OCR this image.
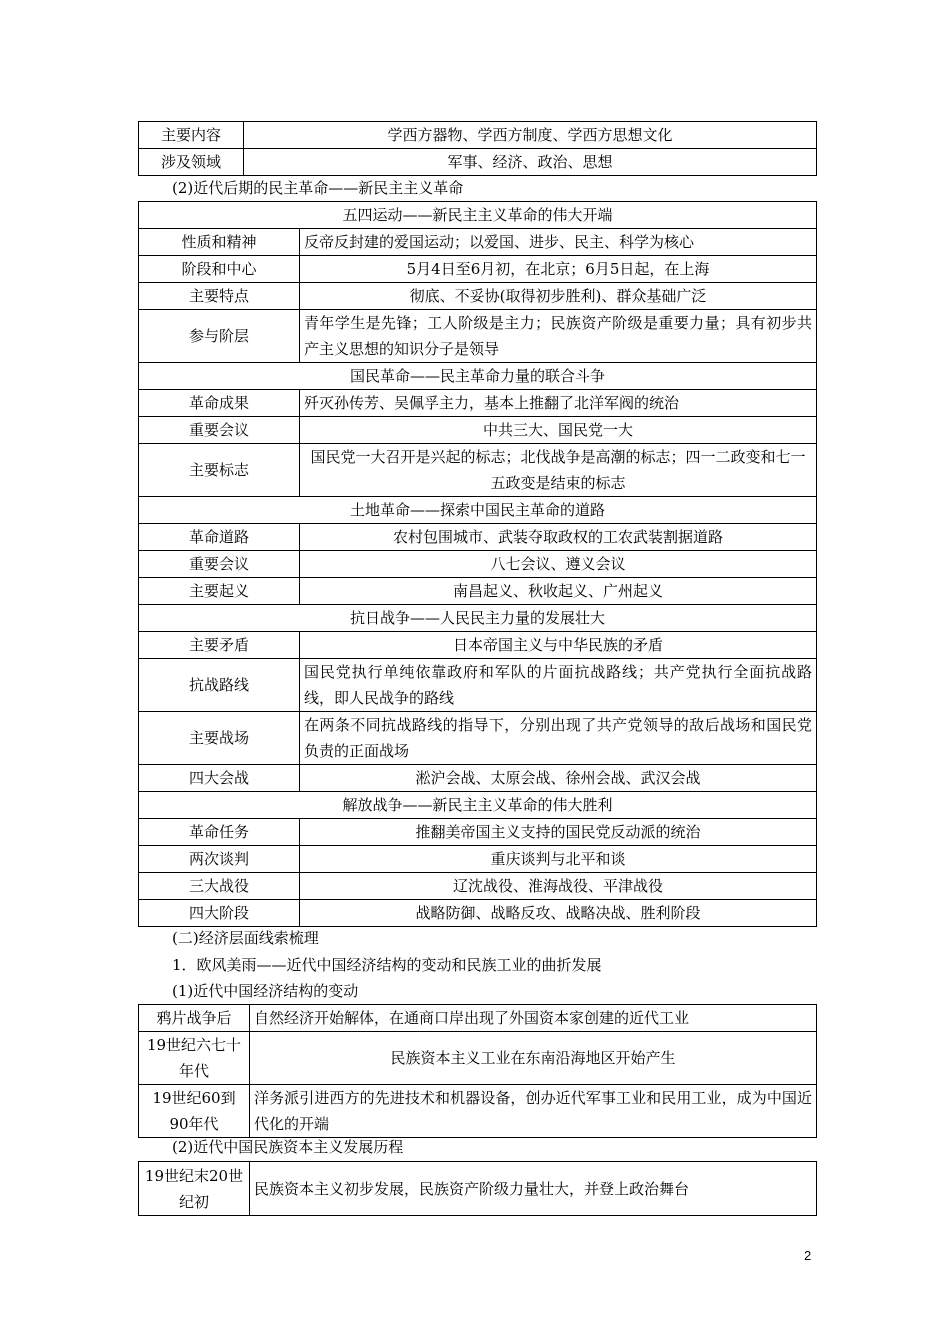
主要内容	学西方器物、学西方制度、学西方思想文化
涉及领域	军事、经济、政治、思想
(2)近代后期的民主革命——新民主主义革命
五四运动——新民主主义革命的伟大开端	
性质和精神	反帝反封建的爱国运动；以爱国、进步、民主、科学为核心
阶段和中心	5月4日至6月初，在北京；6月5日起，在上海
主要特点	彻底、不妥协(取得初步胜利)、群众基础广泛
参与阶层	青年学生是先锋；工人阶级是主力；民族资产阶级是重要力量；具有初步共产主义思想的知识分子是领导
国民革命——民主革命力量的联合斗争	
革命成果	歼灭孙传芳、吴佩孚主力，基本上推翻了北洋军阀的统治
重要会议	中共三大、国民党一大
主要标志	国民党一大召开是兴起的标志；北伐战争是高潮的标志；四一二政变和七一五政变是结束的标志
土地革命——探索中国民主革命的道路	
革命道路	农村包围城市、武装夺取政权的工农武装割据道路
重要会议	八七会议、遵义会议
主要起义	南昌起义、秋收起义、广州起义
抗日战争——人民民主力量的发展壮大	
主要矛盾	日本帝国主义与中华民族的矛盾
抗战路线	国民党执行单纯依靠政府和军队的片面抗战路线；共产党执行全面抗战路线，即人民战争的路线
主要战场	在两条不同抗战路线的指导下，分别出现了共产党领导的敌后战场和国民党负责的正面战场
四大会战	淞沪会战、太原会战、徐州会战、武汉会战
解放战争——新民主主义革命的伟大胜利	
革命任务	推翻美帝国主义支持的国民党反动派的统治
两次谈判	重庆谈判与北平和谈
三大战役	辽沈战役、淮海战役、平津战役
四大阶段	战略防御、战略反攻、战略决战、胜利阶段
(二)经济层面线索梳理
1．欧风美雨——近代中国经济结构的变动和民族工业的曲折发展
(1)近代中国经济结构的变动
鸦片战争后	自然经济开始解体，在通商口岸出现了外国资本家创建的近代工业
19世纪六七十年代	民族资本主义工业在东南沿海地区开始产生
19世纪60到90年代	洋务派引进西方的先进技术和机器设备，创办近代军事工业和民用工业，成为中国近代化的开端
(2)近代中国民族资本主义发展历程
19世纪末20世纪初	民族资本主义初步发展，民族资产阶级力量壮大，并登上政治舞台
2
